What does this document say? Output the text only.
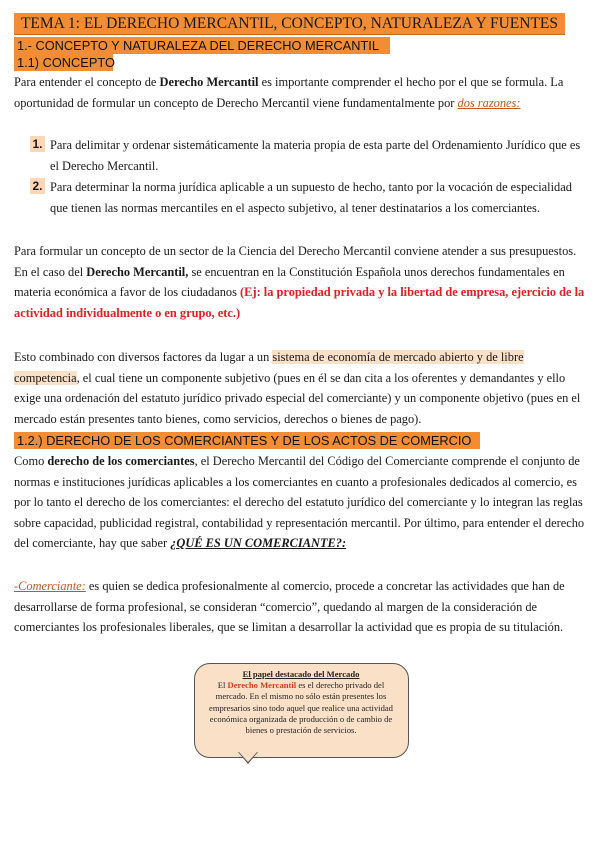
TEMA 1: EL DERECHO MERCANTIL, CONCEPTO, NATURALEZA Y FUENTES
1.- CONCEPTO Y NATURALEZA DEL DERECHO MERCANTIL
1.1) CONCEPTO

Para entender el concepto de Derecho Mercantil es importante comprender el hecho por el que se formula. La oportunidad de formular un concepto de Derecho Mercantil viene fundamentalmente por dos razones:

1. Para delimitar y ordenar sistemáticamente la materia propia de esta parte del Ordenamiento Jurídico que es el Derecho Mercantil.
2. Para determinar la norma jurídica aplicable a un supuesto de hecho, tanto por la vocación de especialidad que tienen las normas mercantiles en el aspecto subjetivo, al tener destinatarios a los comerciantes.

Para formular un concepto de un sector de la Ciencia del Derecho Mercantil conviene atender a sus presupuestos. En el caso del Derecho Mercantil, se encuentran en la Constitución Española unos derechos fundamentales en materia económica a favor de los ciudadanos (Ej: la propiedad privada y la libertad de empresa, ejercicio de la actividad individualmente o en grupo, etc.)

Esto combinado con diversos factores da lugar a un sistema de economía de mercado abierto y de libre competencia, el cual tiene un componente subjetivo (pues en él se dan cita a los oferentes y demandantes y ello exige una ordenación del estatuto jurídico privado especial del comerciante) y un componente objetivo (pues en el mercado están presentes tanto bienes, como servicios, derechos o bienes de pago).

1.2.) DERECHO DE LOS COMERCIANTES Y DE LOS ACTOS DE COMERCIO

Como derecho de los comerciantes, el Derecho Mercantil del Código del Comerciante comprende el conjunto de normas e instituciones jurídicas aplicables a los comerciantes en cuanto a profesionales dedicados al comercio, es por lo tanto el derecho de los comerciantes: el derecho del estatuto jurídico del comerciante y lo integran las reglas sobre capacidad, publicidad registral, contabilidad y representación mercantil. Por último, para entender el derecho del comerciante, hay que saber ¿QUÉ ES UN COMERCIANTE?:

-Comerciante: es quien se dedica profesionalmente al comercio, procede a concretar las actividades que han de desarrollarse de forma profesional, se consideran “comercio”, quedando al margen de la consideración de comerciantes los profesionales liberales, que se limitan a desarrollar la actividad que es propia de su titulación.

El papel destacado del Mercado
El Derecho Mercantil es el derecho privado del mercado. En el mismo no sólo están presentes los empresarios sino todo aquel que realice una actividad económica organizada de producción o de cambio de bienes o prestación de servicios.
